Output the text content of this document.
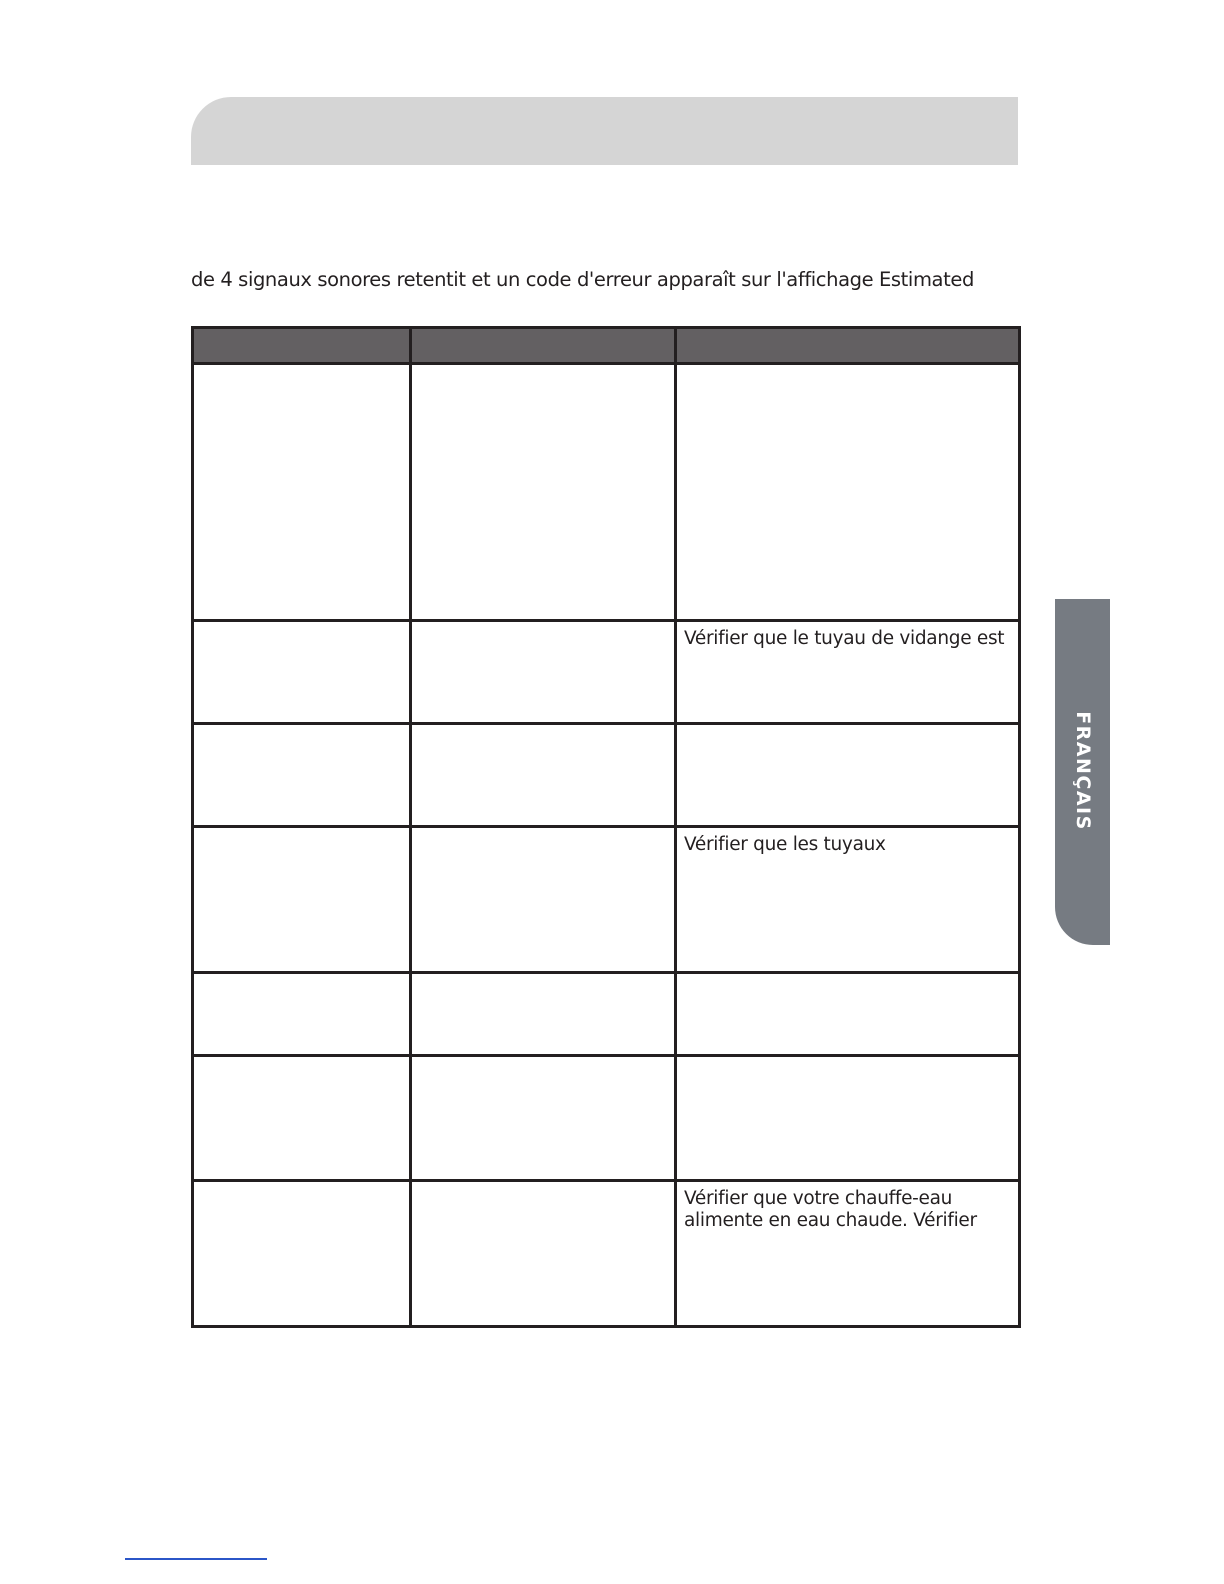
de 4 signaux sonores retentit et un code d'erreur apparaît sur l'affichage Estimated

		Vérifier que le tuyau de vidange est

		Vérifier que les tuyaux

		Vérifier que votre chauffe-eau alimente en eau chaude. Vérifier
FRANÇAIS
